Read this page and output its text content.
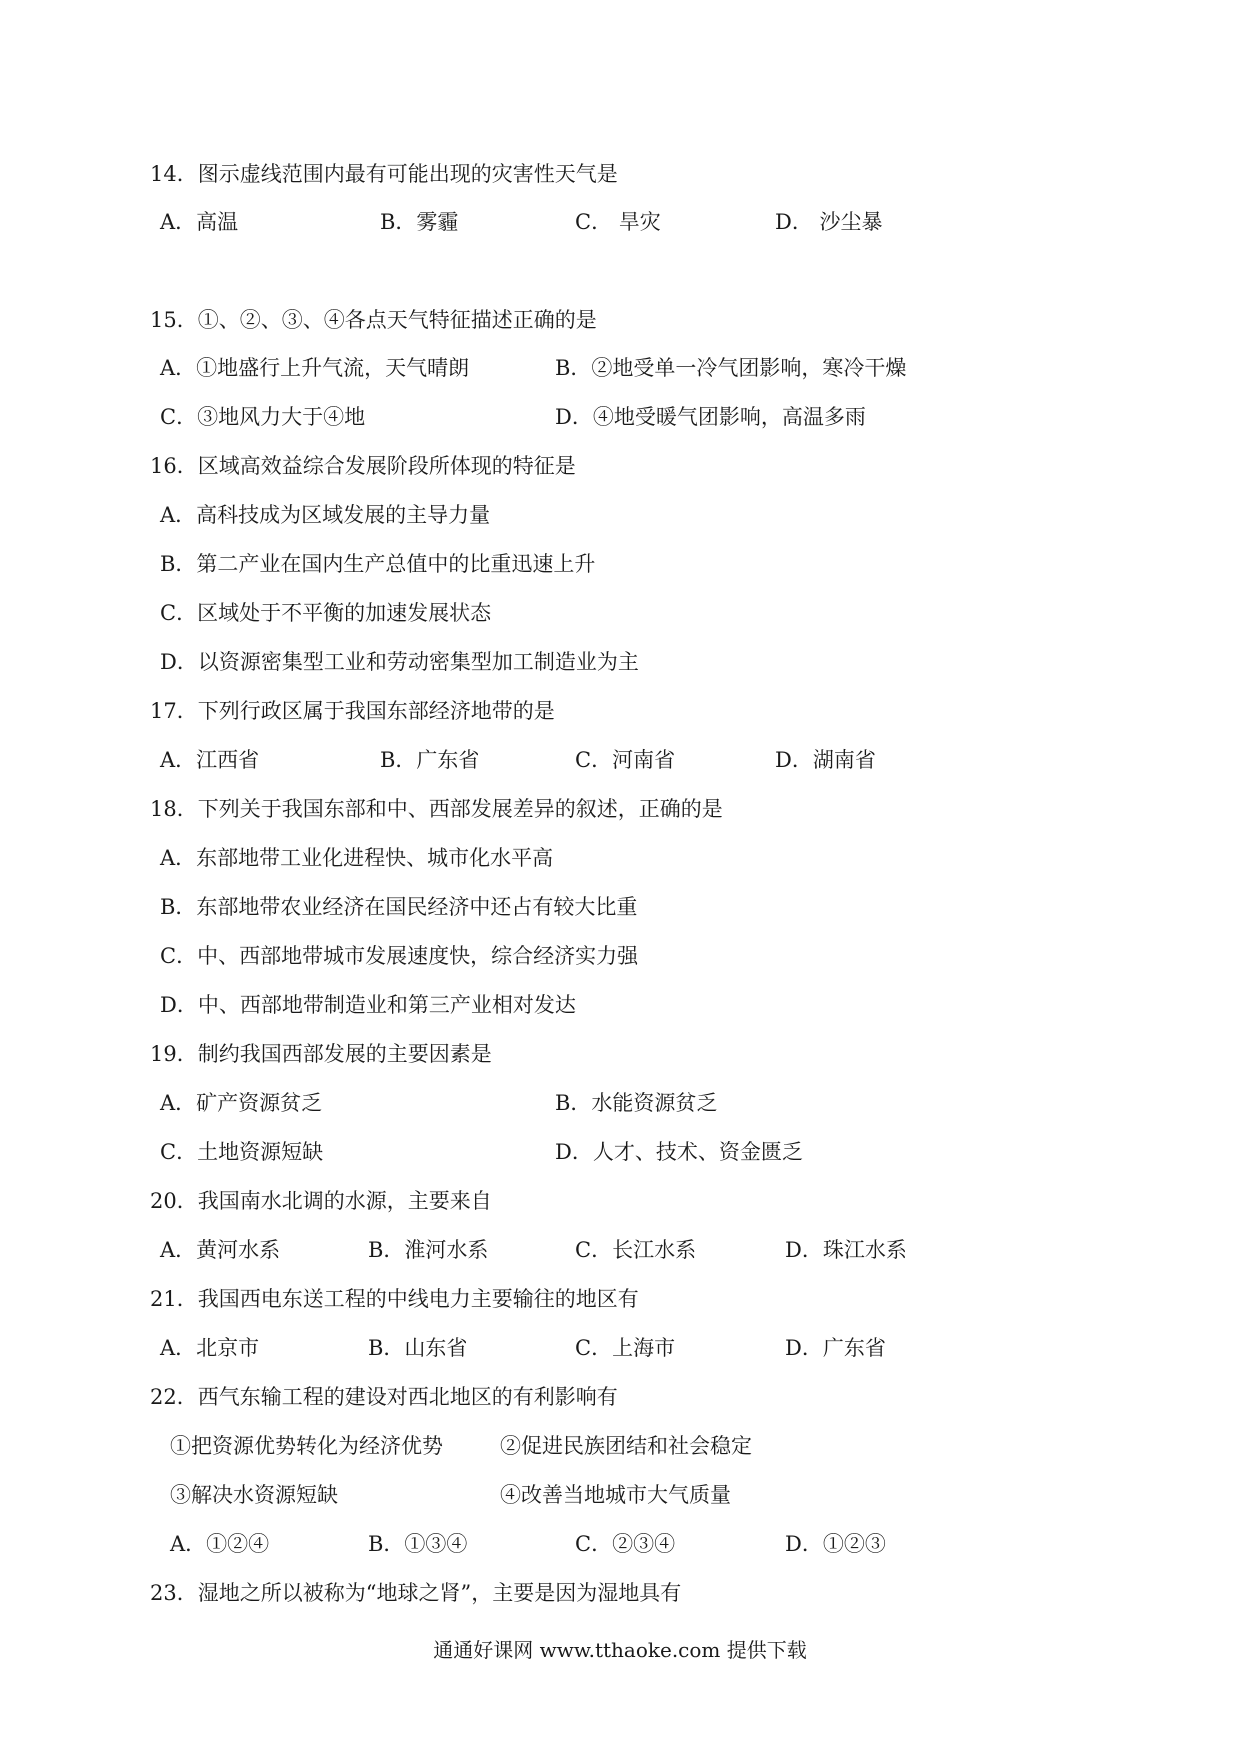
14．图示虚线范围内最有可能出现的灾害性天气是
A．高温	B．雾霾	C． 旱灾	D． 沙尘暴
15．①、②、③、④各点天气特征描述正确的是
A．①地盛行上升气流，天气晴朗	B．②地受单一冷气团影响，寒冷干燥
C．③地风力大于④地	D．④地受暖气团影响，高温多雨
16．区域高效益综合发展阶段所体现的特征是
A．高科技成为区域发展的主导力量
B．第二产业在国内生产总值中的比重迅速上升
C．区域处于不平衡的加速发展状态
D．以资源密集型工业和劳动密集型加工制造业为主
17．下列行政区属于我国东部经济地带的是
A．江西省	B．广东省	C．河南省	D．湖南省
18．下列关于我国东部和中、西部发展差异的叙述，正确的是
A．东部地带工业化进程快、城市化水平高
B．东部地带农业经济在国民经济中还占有较大比重
C．中、西部地带城市发展速度快，综合经济实力强
D．中、西部地带制造业和第三产业相对发达
19．制约我国西部发展的主要因素是
A．矿产资源贫乏	B．水能资源贫乏
C．土地资源短缺	D．人才、技术、资金匮乏
20．我国南水北调的水源，主要来自
A．黄河水系	B．淮河水系	C．长江水系	D．珠江水系
21．我国西电东送工程的中线电力主要输往的地区有
A．北京市	B．山东省	C．上海市	D．广东省
22．西气东输工程的建设对西北地区的有利影响有
①把资源优势转化为经济优势	②促进民族团结和社会稳定
③解决水资源短缺	④改善当地城市大气质量
A．①②④	B．①③④	C．②③④	D．①②③
23．湿地之所以被称为“地球之肾”，主要是因为湿地具有
通通好课网 www.tthaoke.com 提供下载
